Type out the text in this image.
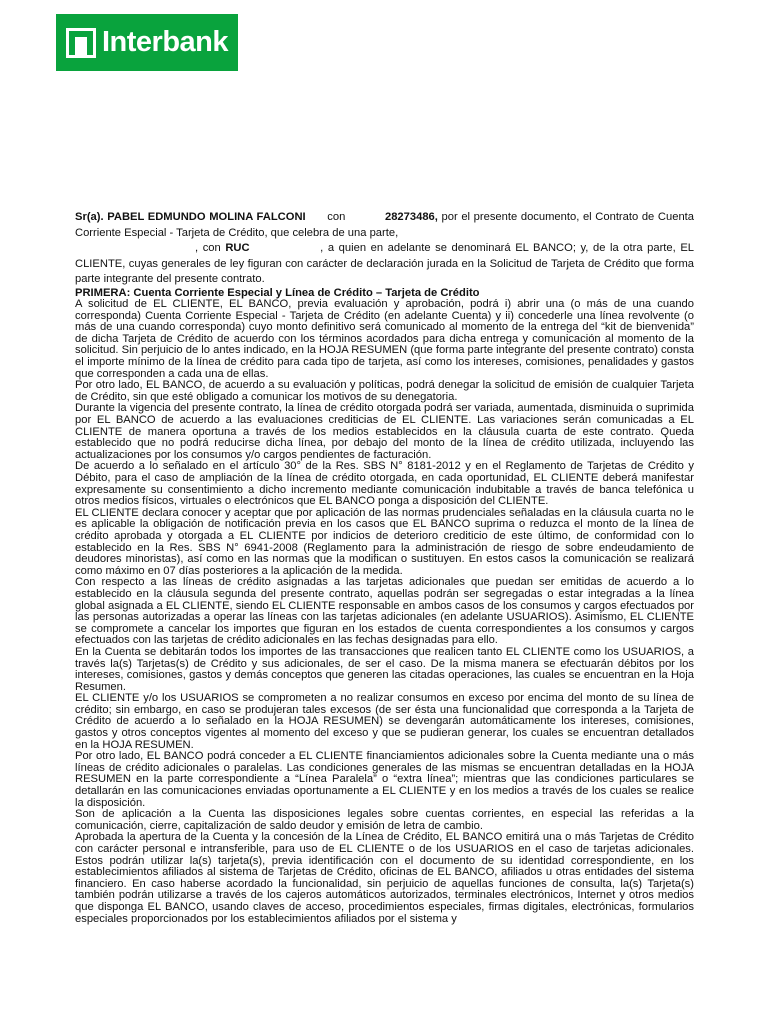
Interbank

Sr(a). PABEL EDMUNDO MOLINA FALCONI con	28273486, por el presente documento, el Contrato de Cuenta Corriente Especial - Tarjeta de Crédito, que celebra de una parte,
, con RUC	, a quien en adelante se denominará EL BANCO; y, de la otra parte, EL CLIENTE, cuyas generales de ley figuran con carácter de declaración jurada en la Solicitud de Tarjeta de Crédito que forma parte integrante del presente contrato.

PRIMERA: Cuenta Corriente Especial y Línea de Crédito – Tarjeta de Crédito

A solicitud de EL CLIENTE, EL BANCO, previa evaluación y aprobación, podrá i) abrir una (o más de una cuando corresponda) Cuenta Corriente Especial - Tarjeta de Crédito (en adelante Cuenta) y ii) concederle una línea revolvente (o más de una cuando corresponda) cuyo monto definitivo será comunicado al momento de la entrega del “kit de bienvenida” de dicha Tarjeta de Crédito de acuerdo con los términos acordados para dicha entrega y comunicación al momento de la solicitud. Sin perjuicio de lo antes indicado, en la HOJA RESUMEN (que forma parte integrante del presente contrato) consta el importe mínimo de la línea de crédito para cada tipo de tarjeta, así como los intereses, comisiones, penalidades y gastos que corresponden a cada una de ellas.

Por otro lado, EL BANCO, de acuerdo a su evaluación y políticas, podrá denegar la solicitud de emisión de cualquier Tarjeta de Crédito, sin que esté obligado a comunicar los motivos de su denegatoria.

Durante la vigencia del presente contrato, la línea de crédito otorgada podrá ser variada, aumentada, disminuida o suprimida por EL BANCO de acuerdo a las evaluaciones crediticias de EL CLIENTE. Las variaciones serán comunicadas a EL CLIENTE de manera oportuna a través de los medios establecidos en la cláusula cuarta de este contrato. Queda establecido que no podrá reducirse dicha línea, por debajo del monto de la línea de crédito utilizada, incluyendo las actualizaciones por los consumos y/o cargos pendientes de facturación.

De acuerdo a lo señalado en el artículo 30° de la Res. SBS N° 8181-2012 y en el Reglamento de Tarjetas de Crédito y Débito, para el caso de ampliación de la línea de crédito otorgada, en cada oportunidad, EL CLIENTE deberá manifestar expresamente su consentimiento a dicho incremento mediante comunicación indubitable a través de banca telefónica u otros medios físicos, virtuales o electrónicos que EL BANCO ponga a disposición del CLIENTE.

EL CLIENTE declara conocer y aceptar que por aplicación de las normas prudenciales señaladas en la cláusula cuarta no le es aplicable la obligación de notificación previa en los casos que EL BANCO suprima o reduzca el monto de la línea de crédito aprobada y otorgada a EL CLIENTE por indicios de deterioro crediticio de este último, de conformidad con lo establecido en la Res. SBS N° 6941-2008 (Reglamento para la administración de riesgo de sobre endeudamiento de deudores minoristas), así como en las normas que la modifican o sustituyen. En estos casos la comunicación se realizará como máximo en 07 días posteriores a la aplicación de la medida.

Con respecto a las líneas de crédito asignadas a las tarjetas adicionales que puedan ser emitidas de acuerdo a lo establecido en la cláusula segunda del presente contrato, aquellas podrán ser segregadas o estar integradas a la línea global asignada a EL CLIENTE, siendo EL CLIENTE responsable en ambos casos de los consumos y cargos efectuados por las personas autorizadas a operar las líneas con las tarjetas adicionales (en adelante USUARIOS). Asimismo, EL CLIENTE se compromete a cancelar los importes que figuran en los estados de cuenta correspondientes a los consumos y cargos efectuados con las tarjetas de crédito adicionales en las fechas designadas para ello.

En la Cuenta se debitarán todos los importes de las transacciones que realicen tanto EL CLIENTE como los USUARIOS, a través la(s) Tarjetas(s) de Crédito y sus adicionales, de ser el caso. De la misma manera se efectuarán débitos por los intereses, comisiones, gastos y demás conceptos que generen las citadas operaciones, las cuales se encuentran en la Hoja Resumen.

EL CLIENTE y/o los USUARIOS se comprometen a no realizar consumos en exceso por encima del monto de su línea de crédito; sin embargo, en caso se produjeran tales excesos (de ser ésta una funcionalidad que corresponda a la Tarjeta de Crédito de acuerdo a lo señalado en la HOJA RESUMEN) se devengarán automáticamente los intereses, comisiones, gastos y otros conceptos vigentes al momento del exceso y que se pudieran generar, los cuales se encuentran detallados en la HOJA RESUMEN.

Por otro lado, EL BANCO podrá conceder a EL CLIENTE financiamientos adicionales sobre la Cuenta mediante una o más líneas de crédito adicionales o paralelas. Las condiciones generales de las mismas se encuentran detalladas en la HOJA RESUMEN en la parte correspondiente a “Línea Paralela” o “extra línea”; mientras que las condiciones particulares se detallarán en las comunicaciones enviadas oportunamente a EL CLIENTE y en los medios a través de los cuales se realice la disposición.

Son de aplicación a la Cuenta las disposiciones legales sobre cuentas corrientes, en especial las referidas a la comunicación, cierre, capitalización de saldo deudor y emisión de letra de cambio.

Aprobada la apertura de la Cuenta y la concesión de la Línea de Crédito, EL BANCO emitirá una o más Tarjetas de Crédito con carácter personal e intransferible, para uso de EL CLIENTE o de los USUARIOS en el caso de tarjetas adicionales. Estos podrán utilizar la(s) tarjeta(s), previa identificación con el documento de su identidad correspondiente, en los establecimientos afiliados al sistema de Tarjetas de Crédito, oficinas de EL BANCO, afiliados u otras entidades del sistema financiero. En caso haberse acordado la funcionalidad, sin perjuicio de aquellas funciones de consulta, la(s) Tarjeta(s) también podrán utilizarse a través de los cajeros automáticos autorizados, terminales electrónicos, Internet y otros medios que disponga EL BANCO, usando claves de acceso, procedimientos especiales, firmas digitales, electrónicas, formularios especiales proporcionados por los establecimientos afiliados por el sistema y
